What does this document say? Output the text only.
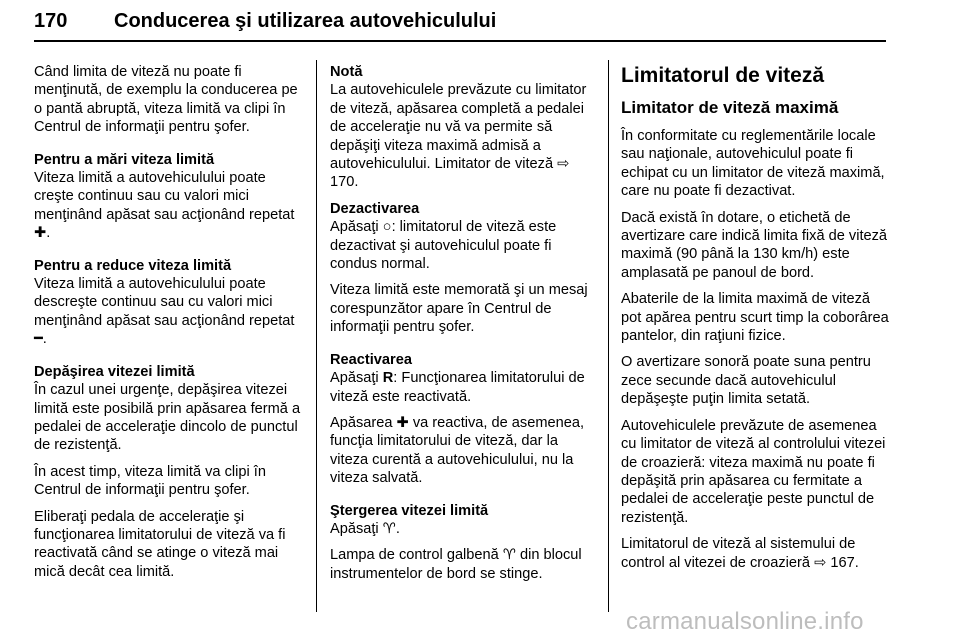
170 Conducerea şi utilizarea autovehiculului

Când limita de viteză nu poate fi menţinută, de exemplu la conducerea pe o pantă abruptă, viteza limită va clipi în Centrul de informaţii pentru şofer.

Pentru a mări viteza limită

Viteza limită a autovehiculului poate creşte continuu sau cu valori mici menţinând apăsat sau acţionând repetat ✚.

Pentru a reduce viteza limită

Viteza limită a autovehiculului poate descreşte continuu sau cu valori mici menţinând apăsat sau acţionând repetat ━.

Depăşirea vitezei limită

În cazul unei urgenţe, depăşirea vitezei limită este posibilă prin apăsarea fermă a pedalei de acceleraţie dincolo de punctul de rezistenţă.

În acest timp, viteza limită va clipi în Centrul de informaţii pentru şofer.

Eliberaţi pedala de acceleraţie şi funcţionarea limitatorului de viteză va fi reactivată când se atinge o viteză mai mică decât cea limită.

Notă

La autovehiculele prevăzute cu limitator de viteză, apăsarea completă a pedalei de acceleraţie nu vă va permite să depăşiţi viteza maximă admisă a autovehiculului. Limitator de viteză ⇨ 170.

Dezactivarea

Apăsaţi ○: limitatorul de viteză este dezactivat şi autovehiculul poate fi condus normal.

Viteza limită este memorată şi un mesaj corespunzător apare în Centrul de informaţii pentru şofer.

Reactivarea

Apăsaţi R: Funcţionarea limitatorului de viteză este reactivată.

Apăsarea ✚ va reactiva, de asemenea, funcţia limitatorului de viteză, dar la viteza curentă a autovehiculului, nu la viteza salvată.

Ştergerea vitezei limită

Apăsaţi ♈.

Lampa de control galbenă ♈ din blocul instrumentelor de bord se stinge.

Limitatorul de viteză

Limitator de viteză maximă

În conformitate cu reglementările locale sau naţionale, autovehiculul poate fi echipat cu un limitator de viteză maximă, care nu poate fi dezactivat.

Dacă există în dotare, o etichetă de avertizare care indică limita fixă de viteză maximă (90 până la 130 km/h) este amplasată pe panoul de bord.

Abaterile de la limita maximă de viteză pot apărea pentru scurt timp la coborârea pantelor, din raţiuni fizice.

O avertizare sonoră poate suna pentru zece secunde dacă autovehiculul depăşeşte puţin limita setată.

Autovehiculele prevăzute de asemenea cu limitator de viteză al controlului vitezei de croazieră: viteza maximă nu poate fi depăşită prin apăsarea cu fermitate a pedalei de acceleraţie peste punctul de rezistenţă.

Limitatorul de viteză al sistemului de control al vitezei de croazieră ⇨ 167.

carmanualsonline.info
